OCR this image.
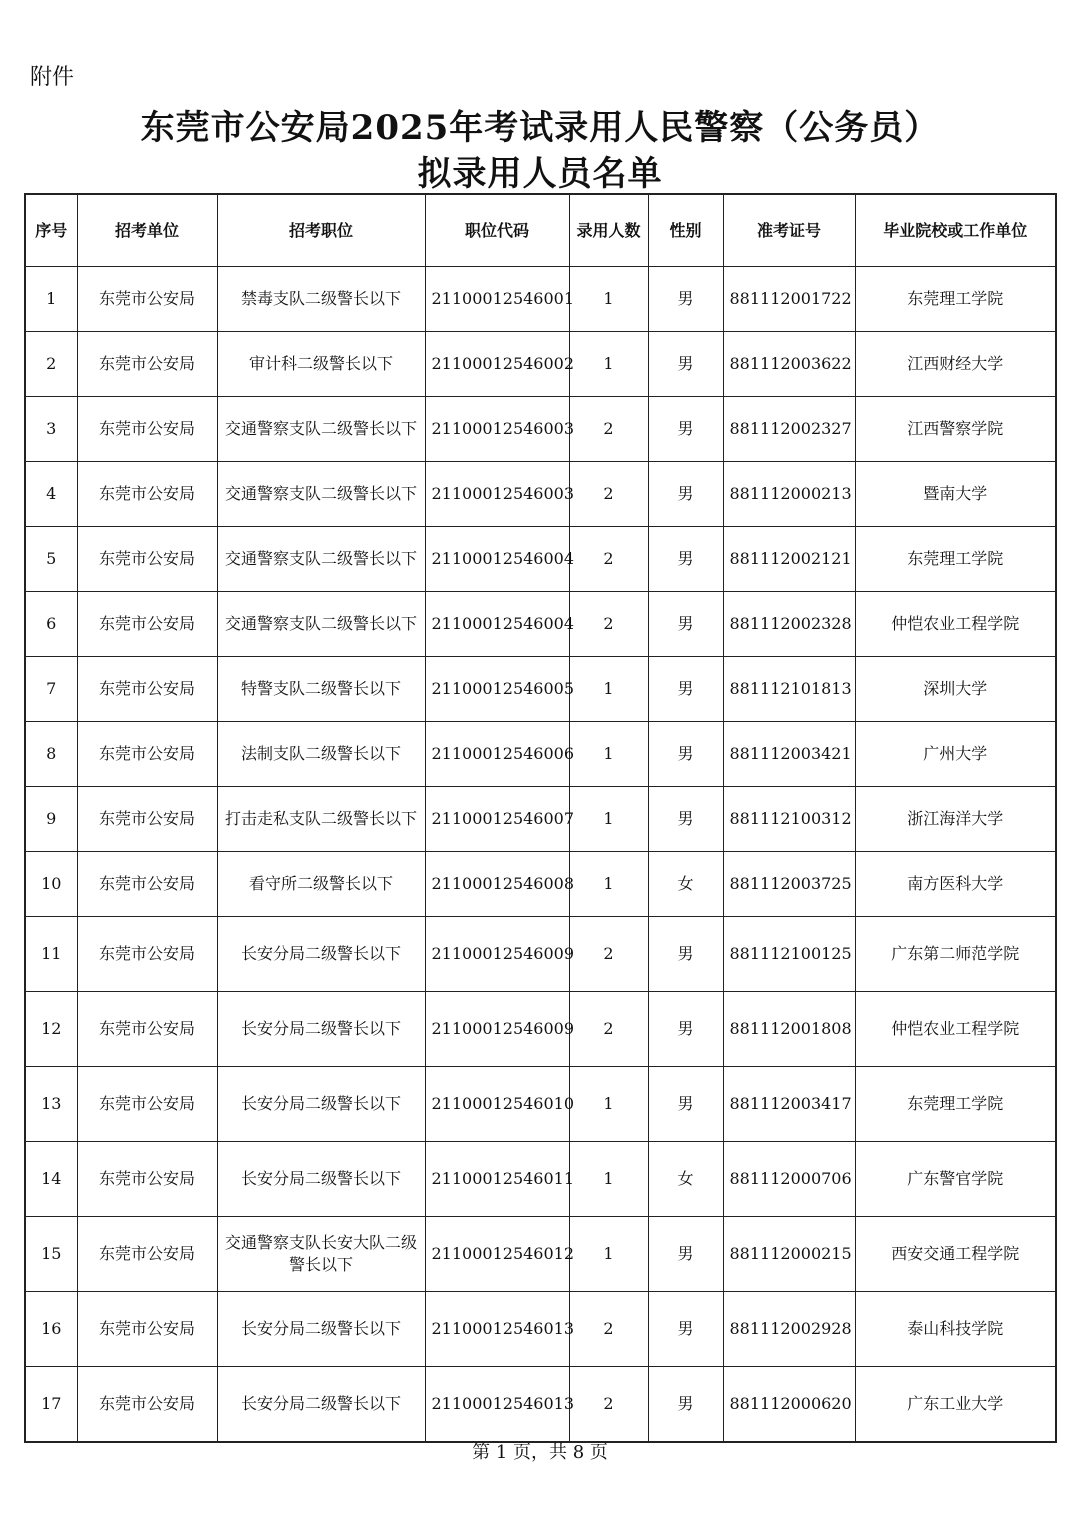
附件
东莞市公安局2025年考试录用人民警察（公务员）
拟录用人员名单
序号	招考单位	招考职位	职位代码	录用人数	性别	准考证号	毕业院校或工作单位
1	东莞市公安局	禁毒支队二级警长以下	21100012546001	1	男	881112001722	东莞理工学院
2	东莞市公安局	审计科二级警长以下	21100012546002	1	男	881112003622	江西财经大学
3	东莞市公安局	交通警察支队二级警长以下	21100012546003	2	男	881112002327	江西警察学院
4	东莞市公安局	交通警察支队二级警长以下	21100012546003	2	男	881112000213	暨南大学
5	东莞市公安局	交通警察支队二级警长以下	21100012546004	2	男	881112002121	东莞理工学院
6	东莞市公安局	交通警察支队二级警长以下	21100012546004	2	男	881112002328	仲恺农业工程学院
7	东莞市公安局	特警支队二级警长以下	21100012546005	1	男	881112101813	深圳大学
8	东莞市公安局	法制支队二级警长以下	21100012546006	1	男	881112003421	广州大学
9	东莞市公安局	打击走私支队二级警长以下	21100012546007	1	男	881112100312	浙江海洋大学
10	东莞市公安局	看守所二级警长以下	21100012546008	1	女	881112003725	南方医科大学
11	东莞市公安局	长安分局二级警长以下	21100012546009	2	男	881112100125	广东第二师范学院
12	东莞市公安局	长安分局二级警长以下	21100012546009	2	男	881112001808	仲恺农业工程学院
13	东莞市公安局	长安分局二级警长以下	21100012546010	1	男	881112003417	东莞理工学院
14	东莞市公安局	长安分局二级警长以下	21100012546011	1	女	881112000706	广东警官学院
15	东莞市公安局	交通警察支队长安大队二级警长以下	21100012546012	1	男	881112000215	西安交通工程学院
16	东莞市公安局	长安分局二级警长以下	21100012546013	2	男	881112002928	泰山科技学院
17	东莞市公安局	长安分局二级警长以下	21100012546013	2	男	881112000620	广东工业大学
第 1 页，共 8 页
